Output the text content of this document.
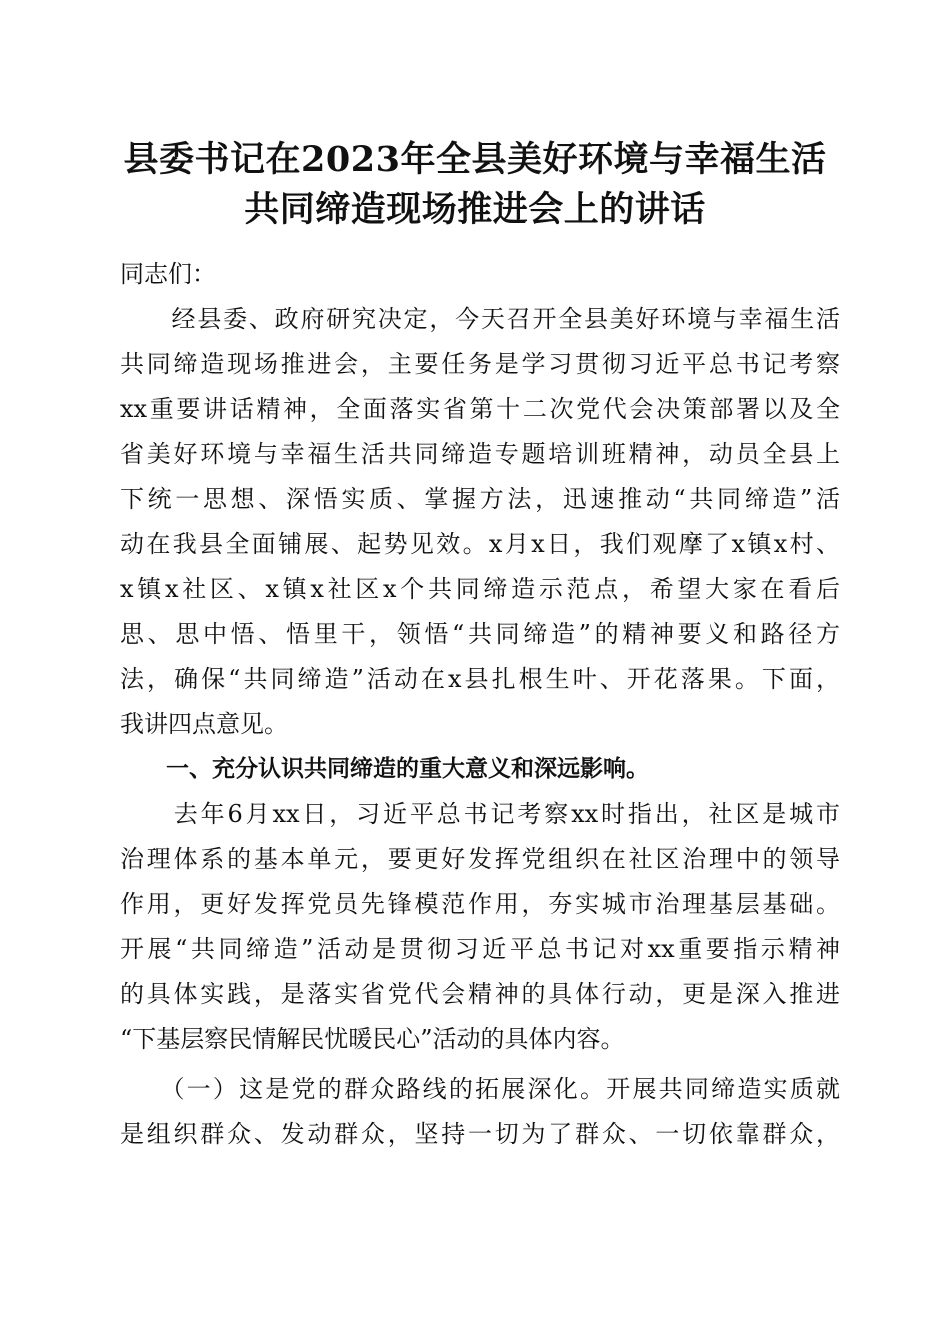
县委书记在2023年全县美好环境与幸福生活
共同缔造现场推进会上的讲话
同志们：
　　经县委、政府研究决定，今天召开全县美好环境与幸福生活
共同缔造现场推进会，主要任务是学习贯彻习近平总书记考察
xx重要讲话精神，全面落实省第十二次党代会决策部署以及全
省美好环境与幸福生活共同缔造专题培训班精神，动员全县上
下统一思想、深悟实质、掌握方法，迅速推动“共同缔造”活
动在我县全面铺展、起势见效。x月x日，我们观摩了x镇x村、
x镇x社区、x镇x社区x个共同缔造示范点，希望大家在看后
思、思中悟、悟里干，领悟“共同缔造”的精神要义和路径方
法，确保“共同缔造”活动在x县扎根生叶、开花落果。下面，
我讲四点意见。
　　一、充分认识共同缔造的重大意义和深远影响。
　　去年6月xx日，习近平总书记考察xx时指出，社区是城市
治理体系的基本单元，要更好发挥党组织在社区治理中的领导
作用，更好发挥党员先锋模范作用，夯实城市治理基层基础。
开展“共同缔造”活动是贯彻习近平总书记对xx重要指示精神
的具体实践，是落实省党代会精神的具体行动，更是深入推进
“下基层察民情解民忧暖民心”活动的具体内容。
　　（一）这是党的群众路线的拓展深化。开展共同缔造实质就
是组织群众、发动群众，坚持一切为了群众、一切依靠群众，
